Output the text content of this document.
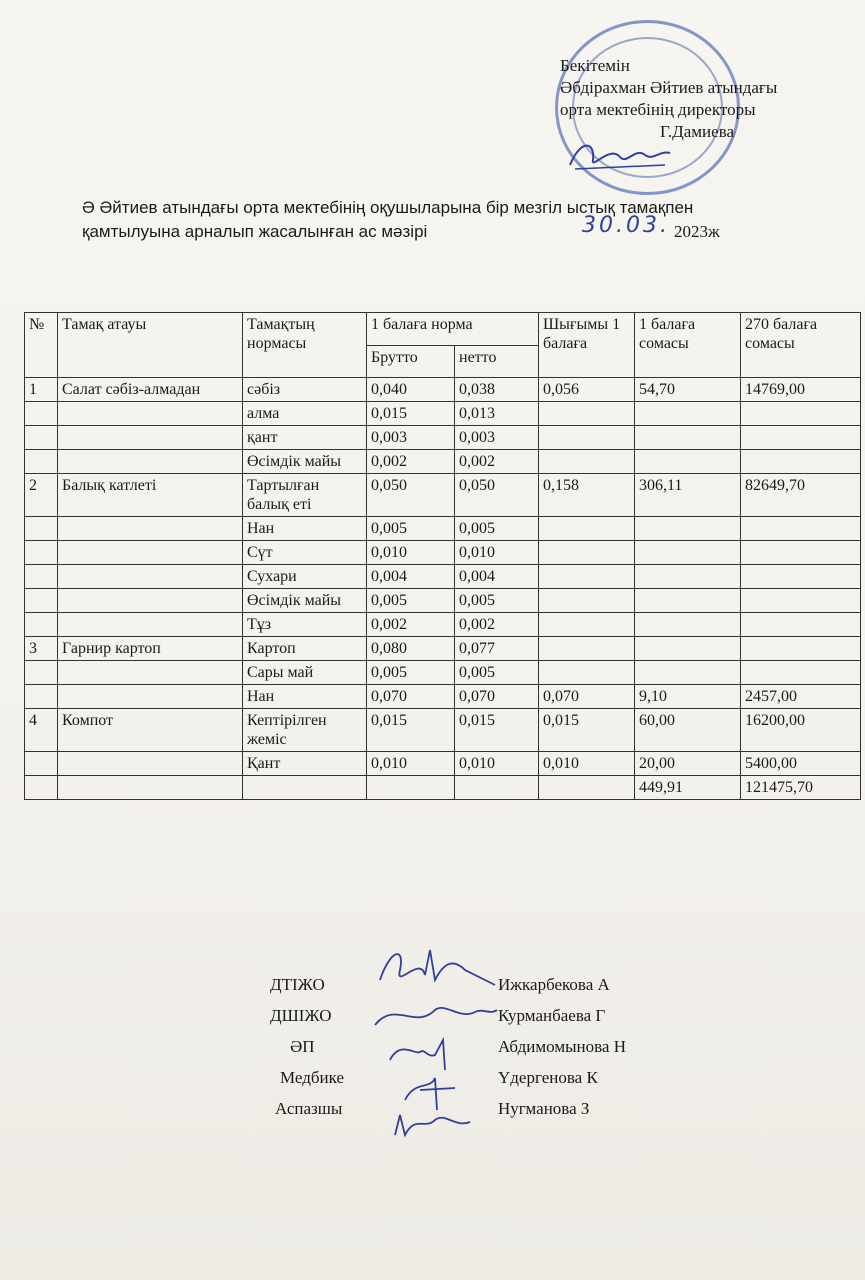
Бекітемін
Әбдірахман Әйтиев атындағы
орта мектебінің директоры
Г.Дамиева
Ә Әйтиев атындағы орта мектебінің оқушыларына бір мезгіл ыстық тамақпен
қамтылуына арналып жасалынған ас мәзірі	30.03. 2023ж
№	Тамақ атауы	Тамақтың нормасы	1 балаға норма		Шығымы 1 балаға	1 балаға сомасы	270 балаға сомасы
			Брутто	нетто			
1	Салат сәбіз-алмадан	сәбіз	0,040	0,038	0,056	54,70	14769,00
		алма	0,015	0,013			
		қант	0,003	0,003			
		Өсімдік майы	0,002	0,002			
2	Балық катлеті	Тартылған балық еті	0,050	0,050	0,158	306,11	82649,70
		Нан	0,005	0,005			
		Сүт	0,010	0,010			
		Сухари	0,004	0,004			
		Өсімдік майы	0,005	0,005			
		Тұз	0,002	0,002			
3	Гарнир картоп	Картоп	0,080	0,077			
		Сары май	0,005	0,005			
		Нан	0,070	0,070	0,070	9,10	2457,00
4	Компот	Кептірілген жеміс	0,015	0,015	0,015	60,00	16200,00
		Қант	0,010	0,010	0,010	20,00	5400,00
						449,91	121475,70
ДТІЖО	Ижкарбекова А
ДШІЖО	Курманбаева Г
ӘП	Абдимомынова Н
Медбике	Үдергенова К
Аспазшы	Нугманова З
